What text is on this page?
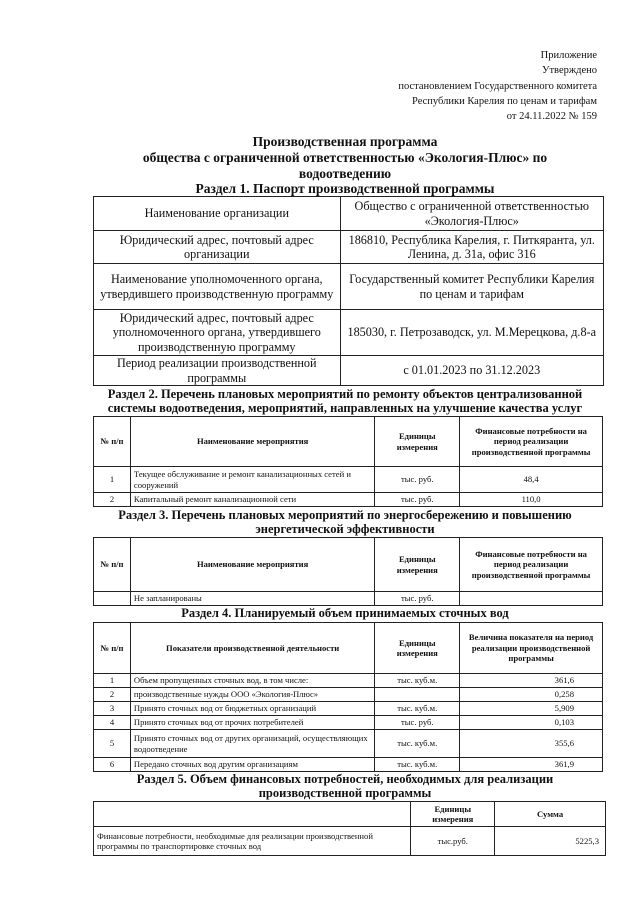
Приложение
Утверждено
постановлением Государственного комитета
Республики Карелия по ценам и тарифам
от 24.11.2022 № 159
Производственная программа
общества с ограниченной ответственностью «Экология-Плюс» по
водоотведению
Раздел 1. Паспорт производственной программы
Наименование организации	Общество с ограниченной ответственностью «Экология-Плюс»
Юридический адрес, почтовый адрес организации	186810, Республика Карелия, г. Питкяранта, ул. Ленина, д. 31а, офис 316
Наименование уполномоченного органа, утвердившего производственную программу	Государственный комитет Республики Карелия по ценам и тарифам
Юридический адрес, почтовый адрес уполномоченного органа, утвердившего производственную программу	185030, г. Петрозаводск, ул. М.Мерецкова, д.8-а
Период реализации производственной программы	с 01.01.2023 по 31.12.2023
Раздел 2. Перечень плановых мероприятий по ремонту объектов централизованной
системы водоотведения, мероприятий, направленных на улучшение качества услуг
№ п/п	Наименование мероприятия	Единицы измерения	Финансовые потребности на период реализации производственной программы
1	Текущее обслуживание и ремонт канализационных сетей и сооружений	тыс. руб.	48,4
2	Капитальный ремонт канализационной сети	тыс. руб.	110,0
Раздел 3. Перечень плановых мероприятий по энергосбережению и повышению
энергетической эффективности
№ п/п	Наименование мероприятия	Единицы измерения	Финансовые потребности на период реализации производственной программы
	Не запланированы	тыс. руб.	
Раздел 4. Планируемый объем принимаемых сточных вод
№ п/п	Показатели производственной деятельности	Единицы измерения	Величина показателя на период реализации производственной программы
1	Объем пропущенных сточных вод, в том числе:	тыс. куб.м.	361,6
2	производственные нужды ООО «Экология-Плюс»		0,258
3	Принято сточных вод от бюджетных организаций	тыс. куб.м.	5,909
4	Принято сточных вод от прочих потребителей	тыс. руб.	0,103
5	Принято сточных вод от других организаций, осуществляющих водоотведение	тыс. куб.м.	355,6
6	Передано сточных вод другим организациям	тыс. куб.м.	361,9
Раздел 5. Объем финансовых потребностей, необходимых для реализации
производственной программы
	Единицы измерения	Сумма
Финансовые потребности, необходимые для реализации производственной программы по транспортировке сточных вод	тыс.руб.	5225,3
